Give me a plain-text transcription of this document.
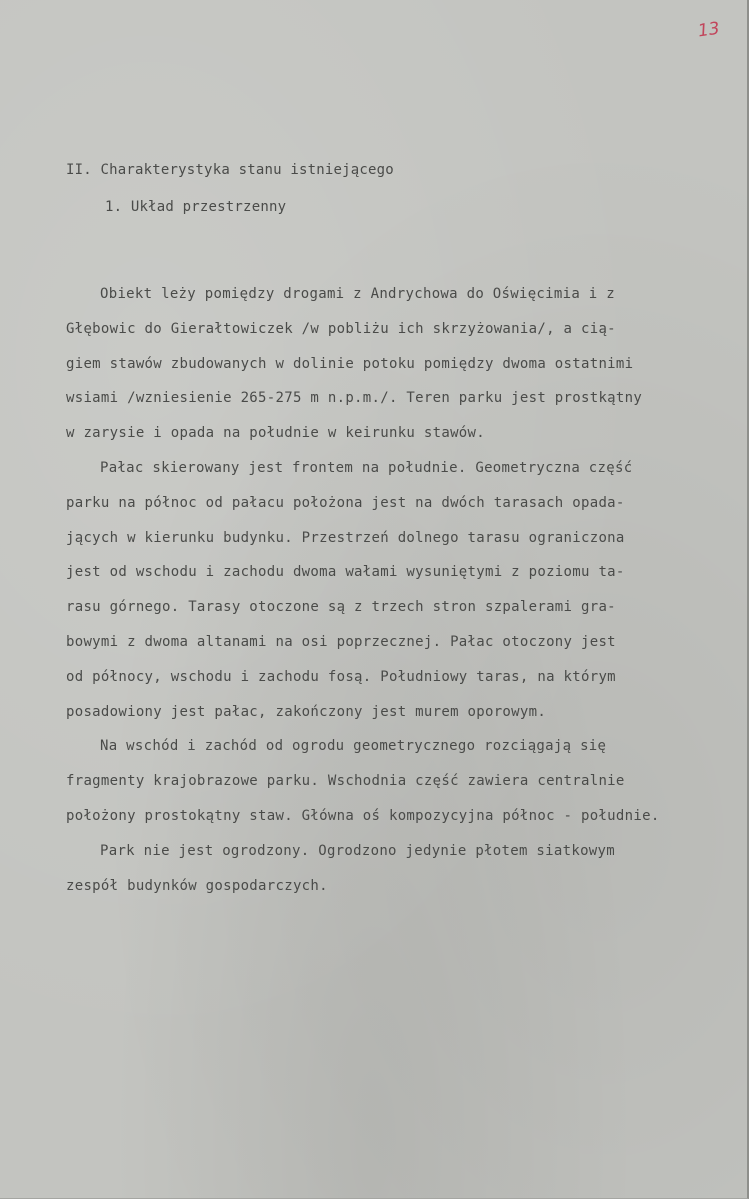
13
II. Charakterystyka stanu istniejącego
1. Układ przestrzenny
Obiekt leży pomiędzy drogami z Andrychowa do Oświęcimia i z
Głębowic do Gierałtowiczek /w pobliżu ich skrzyżowania/, a cią-
giem stawów zbudowanych w dolinie potoku pomiędzy dwoma ostatnimi
wsiami /wzniesienie 265-275 m n.p.m./. Teren parku jest prostkątny
w zarysie i opada na południe w keirunku stawów.
Pałac skierowany jest frontem na południe. Geometryczna część
parku na północ od pałacu położona jest na dwóch tarasach opada-
jących w kierunku budynku. Przestrzeń dolnego tarasu ograniczona
jest od wschodu i zachodu dwoma wałami wysuniętymi z poziomu ta-
rasu górnego. Tarasy otoczone są z trzech stron szpalerami gra-
bowymi z dwoma altanami na osi poprzecznej. Pałac otoczony jest
od północy, wschodu i zachodu fosą. Południowy taras, na którym
posadowiony jest pałac, zakończony jest murem oporowym.
Na wschód i zachód od ogrodu geometrycznego rozciągają się
fragmenty krajobrazowe parku. Wschodnia część zawiera centralnie
położony prostokątny staw. Główna oś kompozycyjna północ - południe.
Park nie jest ogrodzony. Ogrodzono jedynie płotem siatkowym
zespół budynków gospodarczych.
